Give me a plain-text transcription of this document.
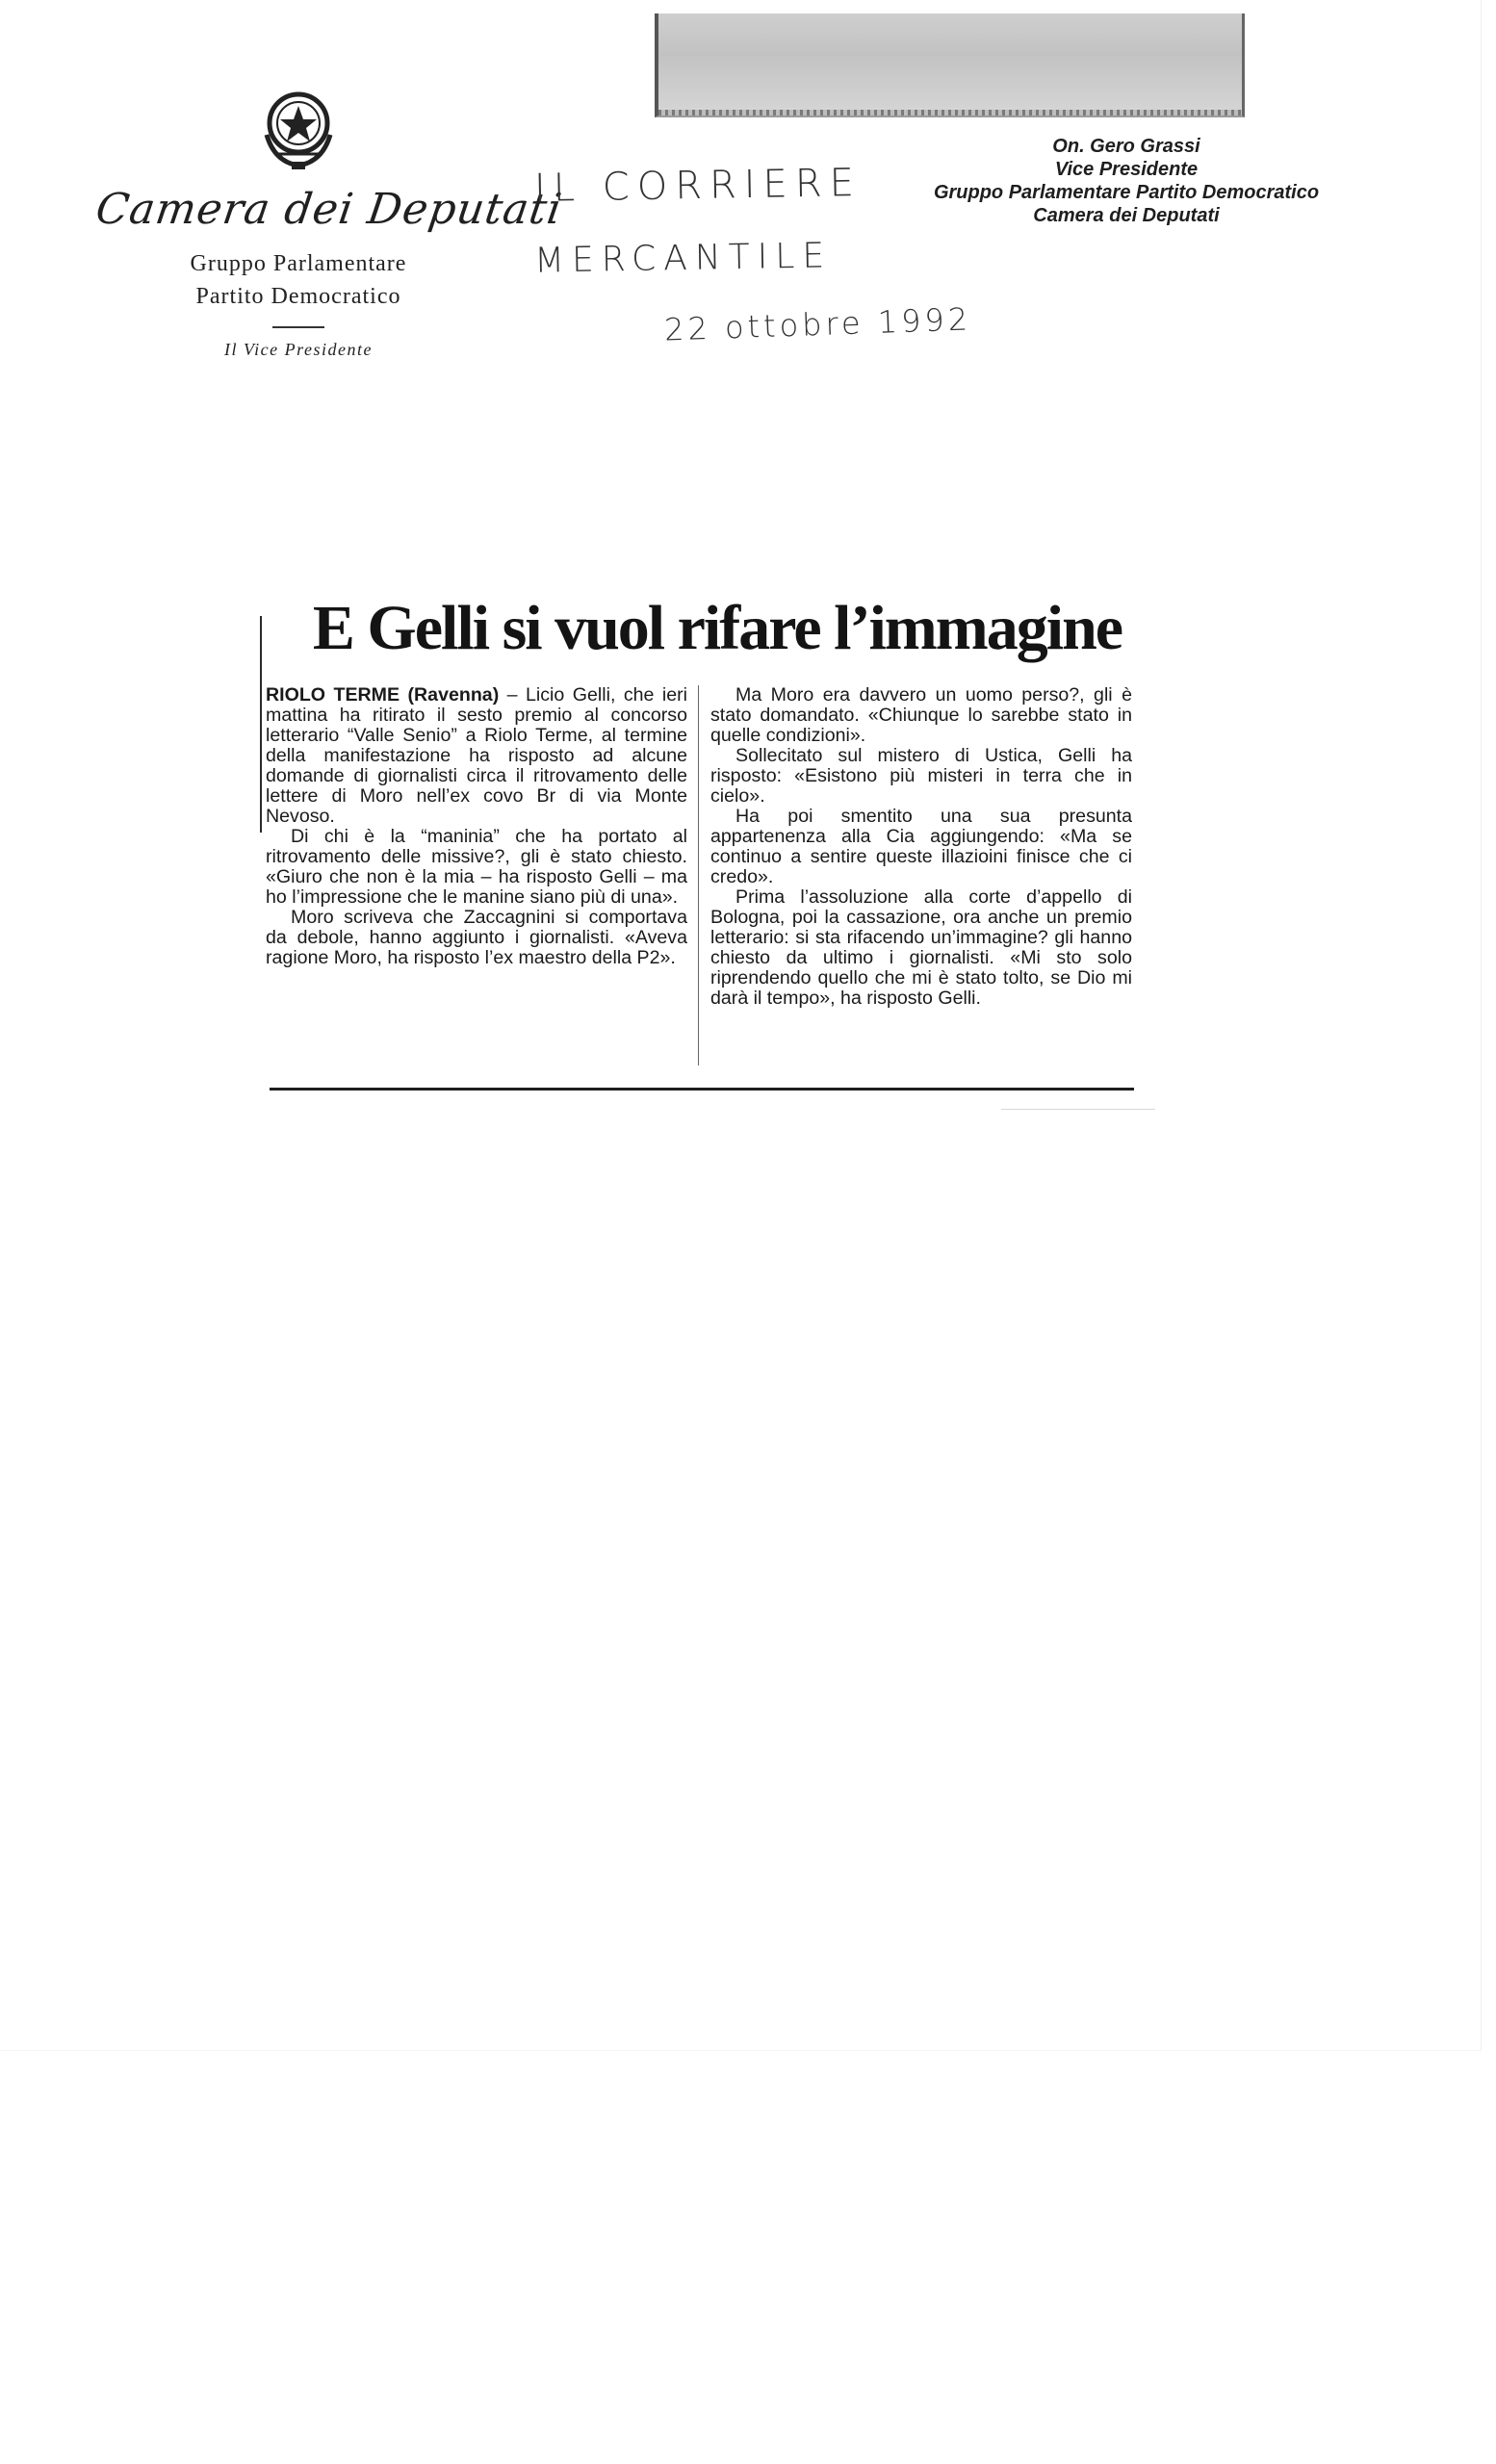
Camera dei Deputati
Gruppo Parlamentare
Partito Democratico
Il Vice Presidente
IL CORRIERE
MERCANTILE
22 ottobre 1992
On. Gero Grassi
Vice Presidente
Gruppo Parlamentare Partito Democratico
Camera dei Deputati
E Gelli si vuol rifare l’immagine

RIOLO TERME (Ravenna) – Licio Gelli, che ieri mattina ha ritirato il sesto premio al concorso letterario “Valle Senio” a Riolo Terme, al termine della manifestazione ha risposto ad alcune domande di giornalisti circa il ritrovamento delle lettere di Moro nell’ex covo Br di via Monte Nevoso.

Di chi è la “maninia” che ha portato al ritrovamento delle missive?, gli è stato chiesto. «Giuro che non è la mia – ha risposto Gelli – ma ho l’impressione che le manine siano più di una».

Moro scriveva che Zaccagnini si comportava da debole, hanno aggiunto i giornalisti. «Aveva ragione Moro, ha risposto l’ex maestro della P2».

Ma Moro era davvero un uomo perso?, gli è stato domandato. «Chiunque lo sarebbe stato in quelle condizioni».

Sollecitato sul mistero di Ustica, Gelli ha risposto: «Esistono più misteri in terra che in cielo».

Ha poi smentito una sua presunta appartenenza alla Cia aggiungendo: «Ma se continuo a sentire queste illazioini finisce che ci credo».

Prima l’assoluzione alla corte d’appello di Bologna, poi la cassazione, ora anche un premio letterario: si sta rifacendo un’immagine? gli hanno chiesto da ultimo i giornalisti. «Mi sto solo riprendendo quello che mi è stato tolto, se Dio mi darà il tempo», ha risposto Gelli.
